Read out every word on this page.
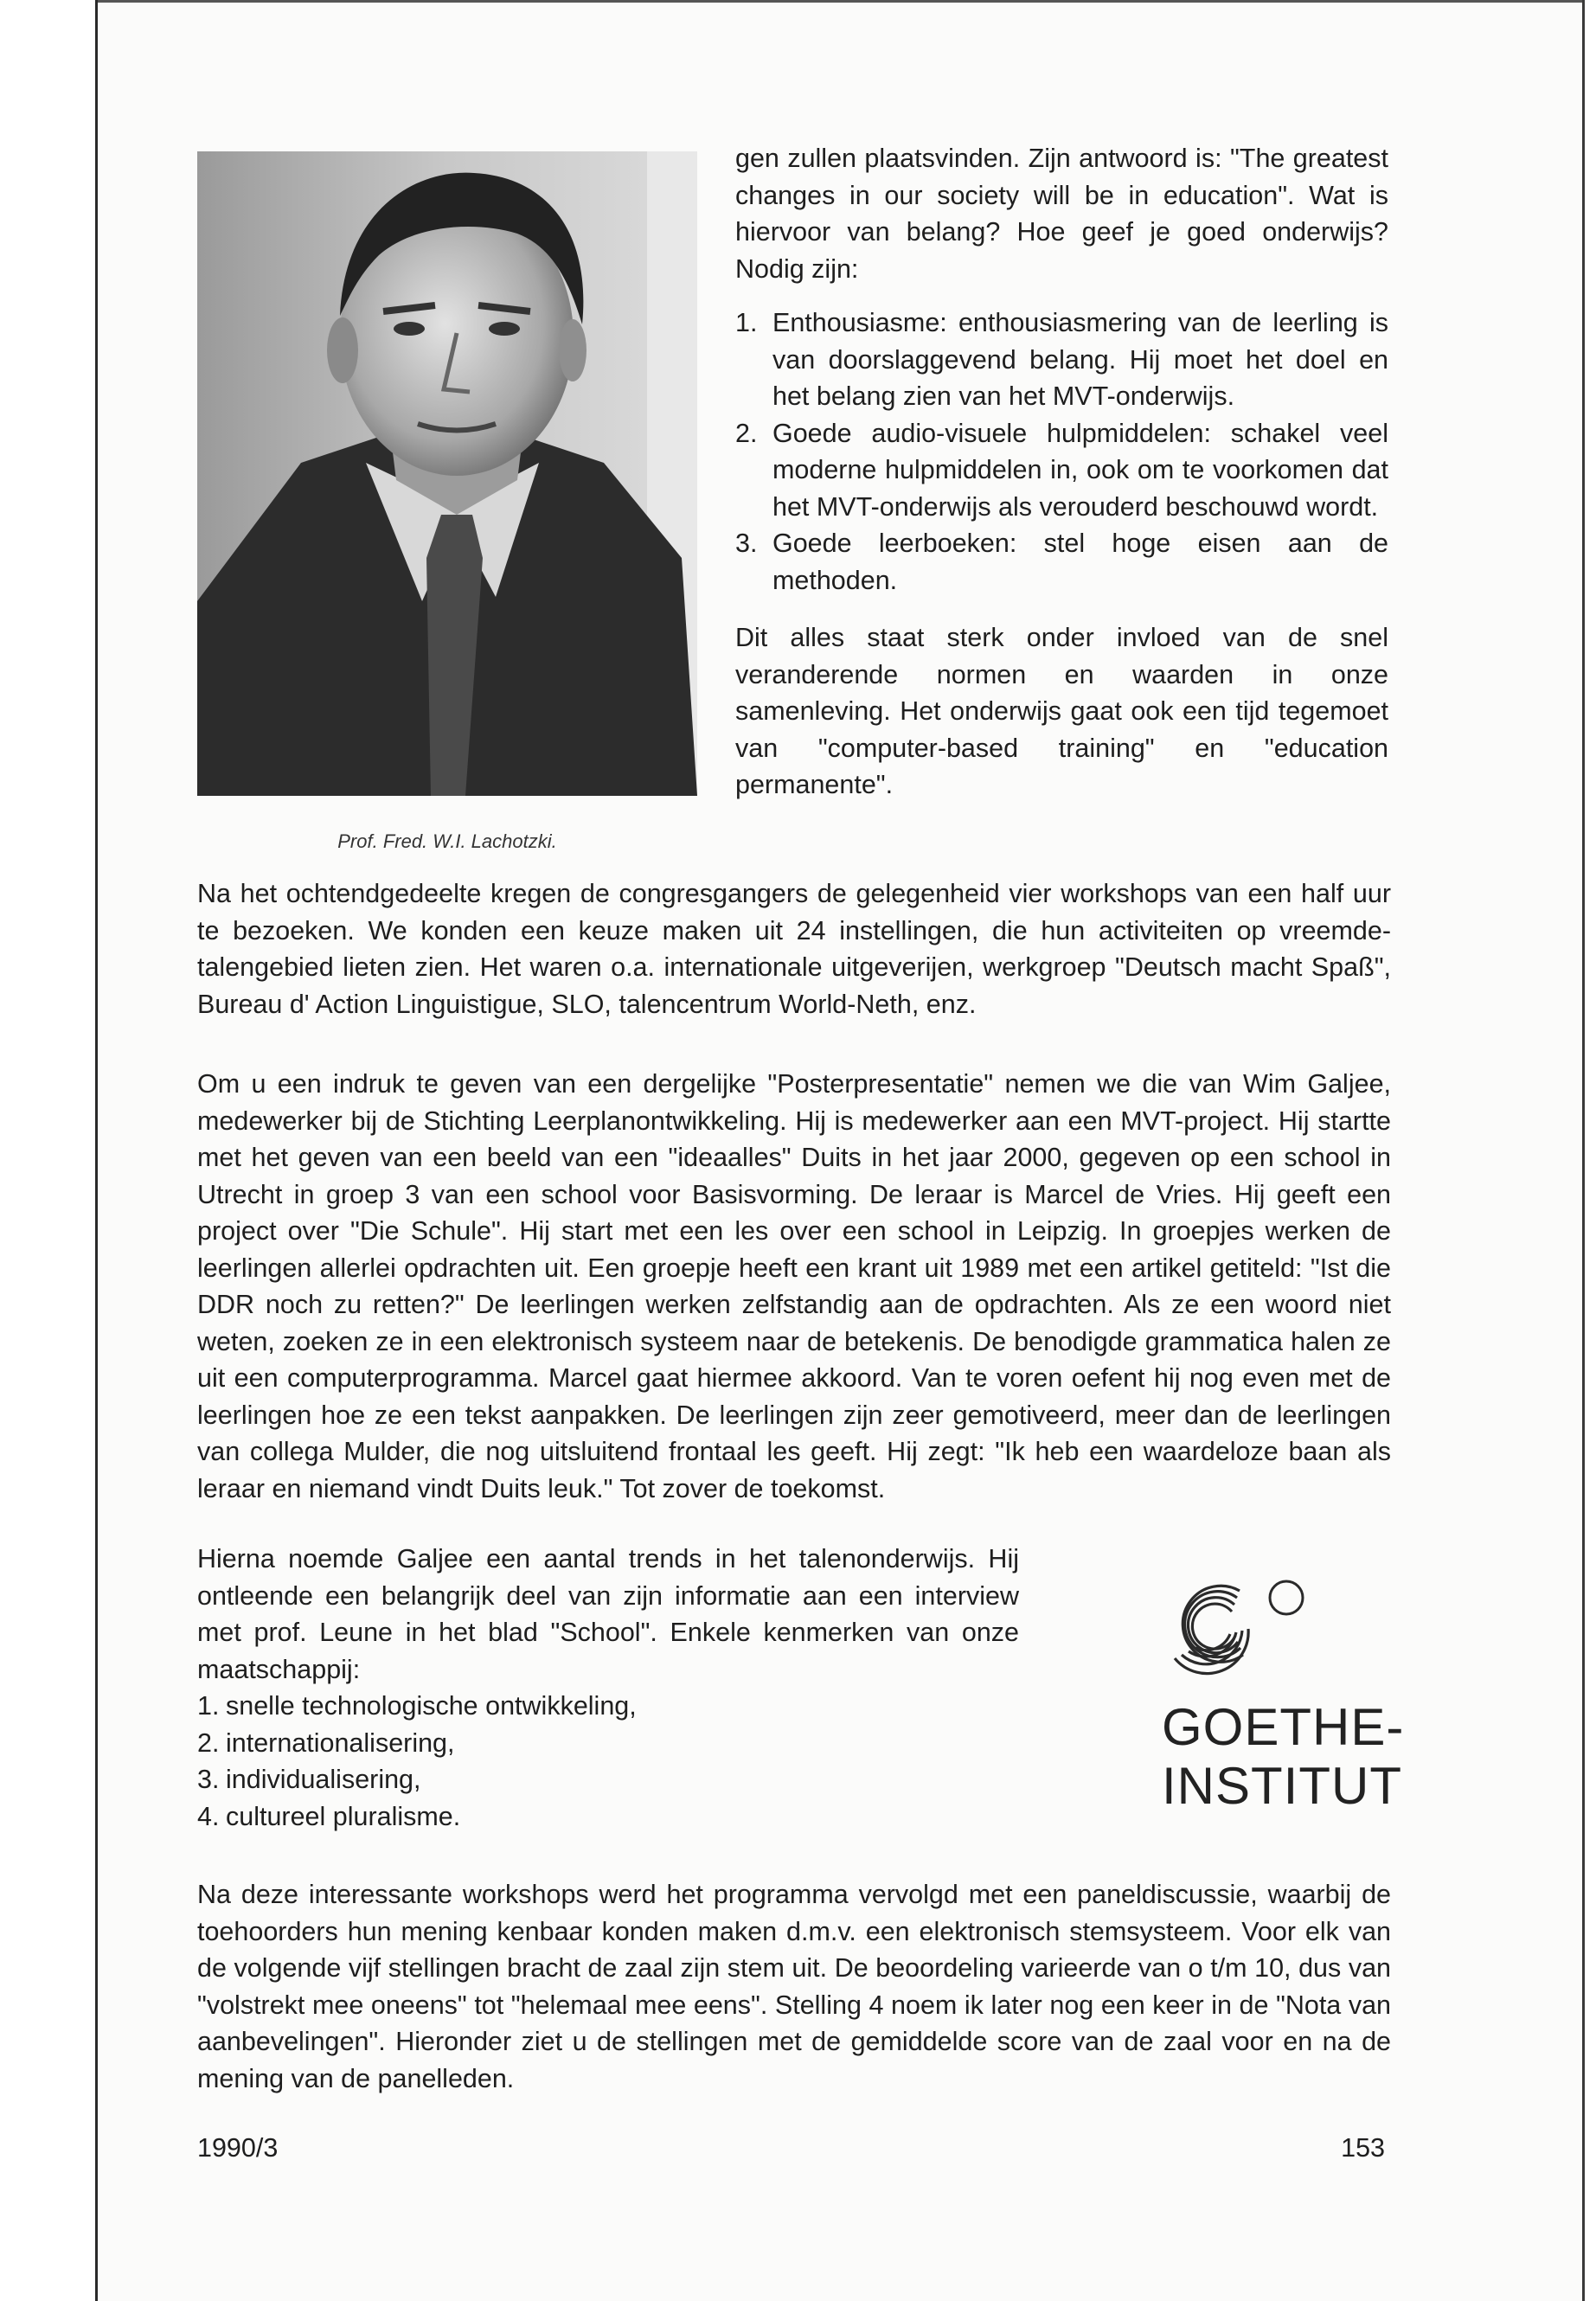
Prof. Fred. W.I. Lachotzki.

gen zullen plaatsvinden. Zijn antwoord is: "The greatest changes in our society will be in education". Wat is hiervoor van belang? Hoe geef je goed onderwijs? Nodig zijn:

1. Enthousiasme: enthousiasmering van de leerling is van doorslaggevend belang. Hij moet het doel en het belang zien van het MVT-onderwijs.
2. Goede audio-visuele hulpmiddelen: schakel veel moderne hulpmiddelen in, ook om te voorkomen dat het MVT-onderwijs als verouderd beschouwd wordt.
3. Goede leerboeken: stel hoge eisen aan de methoden.

Dit alles staat sterk onder invloed van de snel veranderende normen en waarden in onze samenleving. Het onderwijs gaat ook een tijd tegemoet van "computer-based training" en "education permanente".

Na het ochtendgedeelte kregen de congresgangers de gelegenheid vier workshops van een half uur te bezoeken. We konden een keuze maken uit 24 instellingen, die hun activiteiten op vreemde-talengebied lieten zien. Het waren o.a. internationale uitgeverijen, werkgroep "Deutsch macht Spaß", Bureau d' Action Linguistigue, SLO, talencentrum World-Neth, enz.

Om u een indruk te geven van een dergelijke "Posterpresentatie" nemen we die van Wim Galjee, medewerker bij de Stichting Leerplanontwikkeling. Hij is medewerker aan een MVT-project. Hij startte met het geven van een beeld van een "ideaalles" Duits in het jaar 2000, gegeven op een school in Utrecht in groep 3 van een school voor Basisvorming. De leraar is Marcel de Vries. Hij geeft een project over "Die Schule". Hij start met een les over een school in Leipzig. In groepjes werken de leerlingen allerlei opdrachten uit. Een groepje heeft een krant uit 1989 met een artikel getiteld: "Ist die DDR noch zu retten?" De leerlingen werken zelfstandig aan de opdrachten. Als ze een woord niet weten, zoeken ze in een elektronisch systeem naar de betekenis. De benodigde grammatica halen ze uit een computerprogramma. Marcel gaat hiermee akkoord. Van te voren oefent hij nog even met de leerlingen hoe ze een tekst aanpakken. De leerlingen zijn zeer gemotiveerd, meer dan de leerlingen van collega Mulder, die nog uitsluitend frontaal les geeft. Hij zegt: "Ik heb een waardeloze baan als leraar en niemand vindt Duits leuk." Tot zover de toekomst.

Hierna noemde Galjee een aantal trends in het talenonderwijs. Hij ontleende een belangrijk deel van zijn informatie aan een interview met prof. Leune in het blad "School". Enkele kenmerken van onze maatschappij:

1. snelle technologische ontwikkeling,
2. internationalisering,
3. individualisering,
4. cultureel pluralisme.
GOETHE-
INSTITUT

Na deze interessante workshops werd het programma vervolgd met een paneldiscussie, waarbij de toehoorders hun mening kenbaar konden maken d.m.v. een elektronisch stemsysteem. Voor elk van de volgende vijf stellingen bracht de zaal zijn stem uit. De beoordeling varieerde van o t/m 10, dus van "volstrekt mee oneens" tot "helemaal mee eens". Stelling 4 noem ik later nog een keer in de "Nota van aanbevelingen". Hieronder ziet u de stellingen met de gemiddelde score van de zaal voor en na de mening van de panelleden.

1990/3	153
